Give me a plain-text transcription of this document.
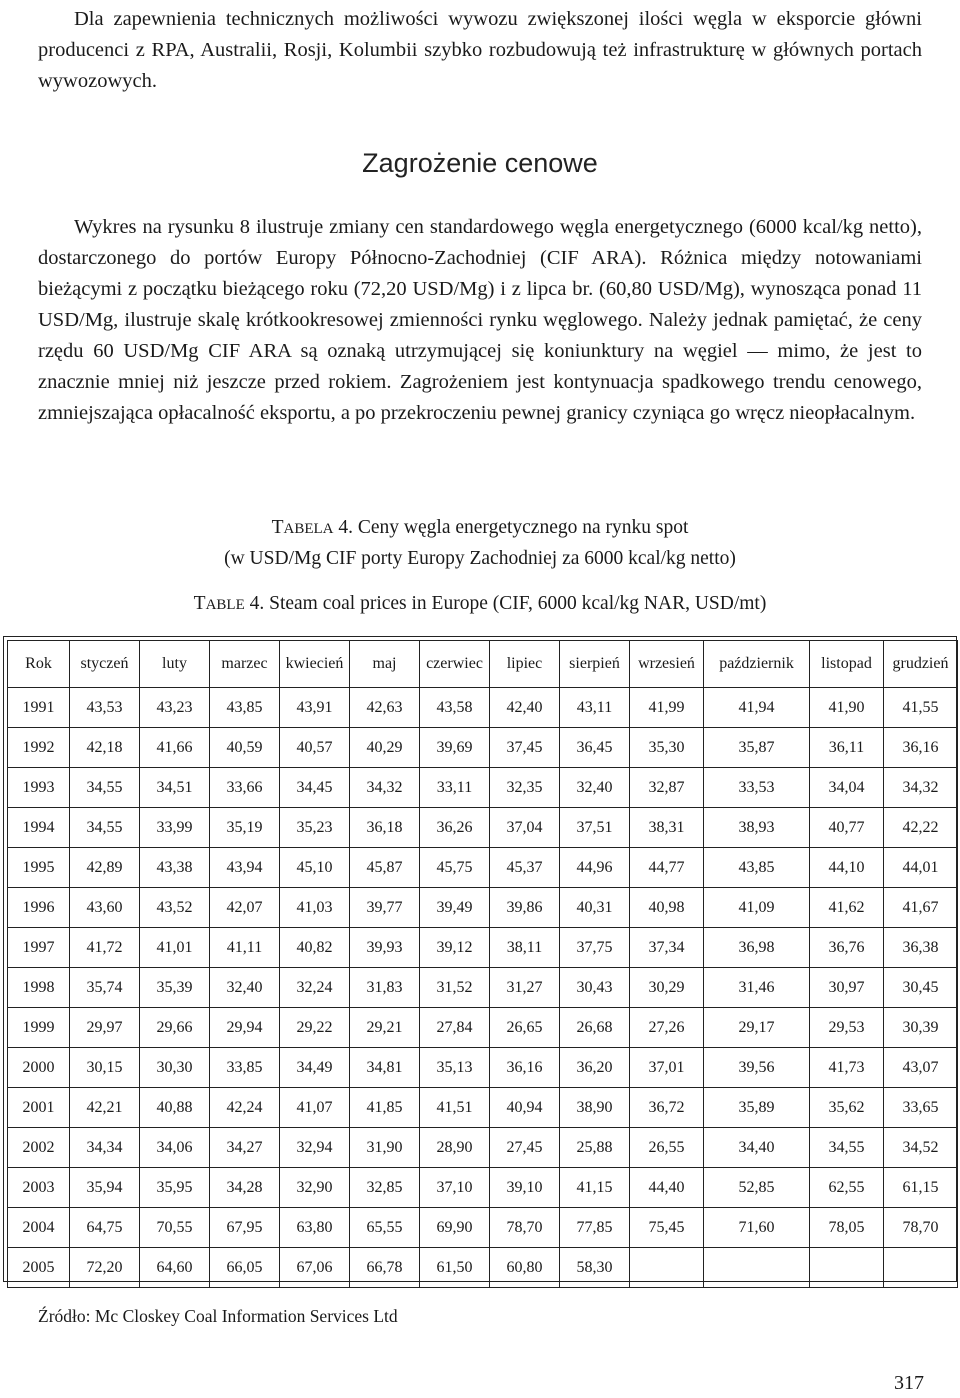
Dla zapewnienia technicznych możliwości wywozu zwiększonej ilości węgla w eksporcie główni producenci z RPA, Australii, Rosji, Kolumbii szybko rozbudowują też infrastrukturę w głównych portach wywozowych.

Zagrożenie cenowe

Wykres na rysunku 8 ilustruje zmiany cen standardowego węgla energetycznego (6000 kcal/kg netto), dostarczonego do portów Europy Północno-Zachodniej (CIF ARA). Różnica między notowaniami bieżącymi z początku bieżącego roku (72,20 USD/Mg) i z lipca br. (60,80 USD/Mg), wynosząca ponad 11 USD/Mg, ilustruje skalę krótkookresowej zmienności rynku węglowego. Należy jednak pamiętać, że ceny rzędu 60 USD/Mg CIF ARA są oznaką utrzymującej się koniunktury na węgiel — mimo, że jest to znacznie mniej niż jeszcze przed rokiem. Zagrożeniem jest kontynuacja spadkowego trendu cenowego, zmniejszająca opłacalność eksportu, a po przekroczeniu pewnej granicy czyniąca go wręcz nieopłacalnym.

TABELA 4. Ceny węgla energetycznego na rynku spot
(w USD/Mg CIF porty Europy Zachodniej za 6000 kcal/kg netto)

TABLE 4. Steam coal prices in Europe (CIF, 6000 kcal/kg NAR, USD/mt)

Rok	styczeń	luty	marzec	kwiecień	maj	czerwiec	lipiec	sierpień	wrzesień	październik	listopad	grudzień
1991	43,53	43,23	43,85	43,91	42,63	43,58	42,40	43,11	41,99	41,94	41,90	41,55
1992	42,18	41,66	40,59	40,57	40,29	39,69	37,45	36,45	35,30	35,87	36,11	36,16
1993	34,55	34,51	33,66	34,45	34,32	33,11	32,35	32,40	32,87	33,53	34,04	34,32
1994	34,55	33,99	35,19	35,23	36,18	36,26	37,04	37,51	38,31	38,93	40,77	42,22
1995	42,89	43,38	43,94	45,10	45,87	45,75	45,37	44,96	44,77	43,85	44,10	44,01
1996	43,60	43,52	42,07	41,03	39,77	39,49	39,86	40,31	40,98	41,09	41,62	41,67
1997	41,72	41,01	41,11	40,82	39,93	39,12	38,11	37,75	37,34	36,98	36,76	36,38
1998	35,74	35,39	32,40	32,24	31,83	31,52	31,27	30,43	30,29	31,46	30,97	30,45
1999	29,97	29,66	29,94	29,22	29,21	27,84	26,65	26,68	27,26	29,17	29,53	30,39
2000	30,15	30,30	33,85	34,49	34,81	35,13	36,16	36,20	37,01	39,56	41,73	43,07
2001	42,21	40,88	42,24	41,07	41,85	41,51	40,94	38,90	36,72	35,89	35,62	33,65
2002	34,34	34,06	34,27	32,94	31,90	28,90	27,45	25,88	26,55	34,40	34,55	34,52
2003	35,94	35,95	34,28	32,90	32,85	37,10	39,10	41,15	44,40	52,85	62,55	61,15
2004	64,75	70,55	67,95	63,80	65,55	69,90	78,70	77,85	75,45	71,60	78,05	78,70
2005	72,20	64,60	66,05	67,06	66,78	61,50	60,80	58,30				

Źródło: Mc Closkey Coal Information Services Ltd

317
